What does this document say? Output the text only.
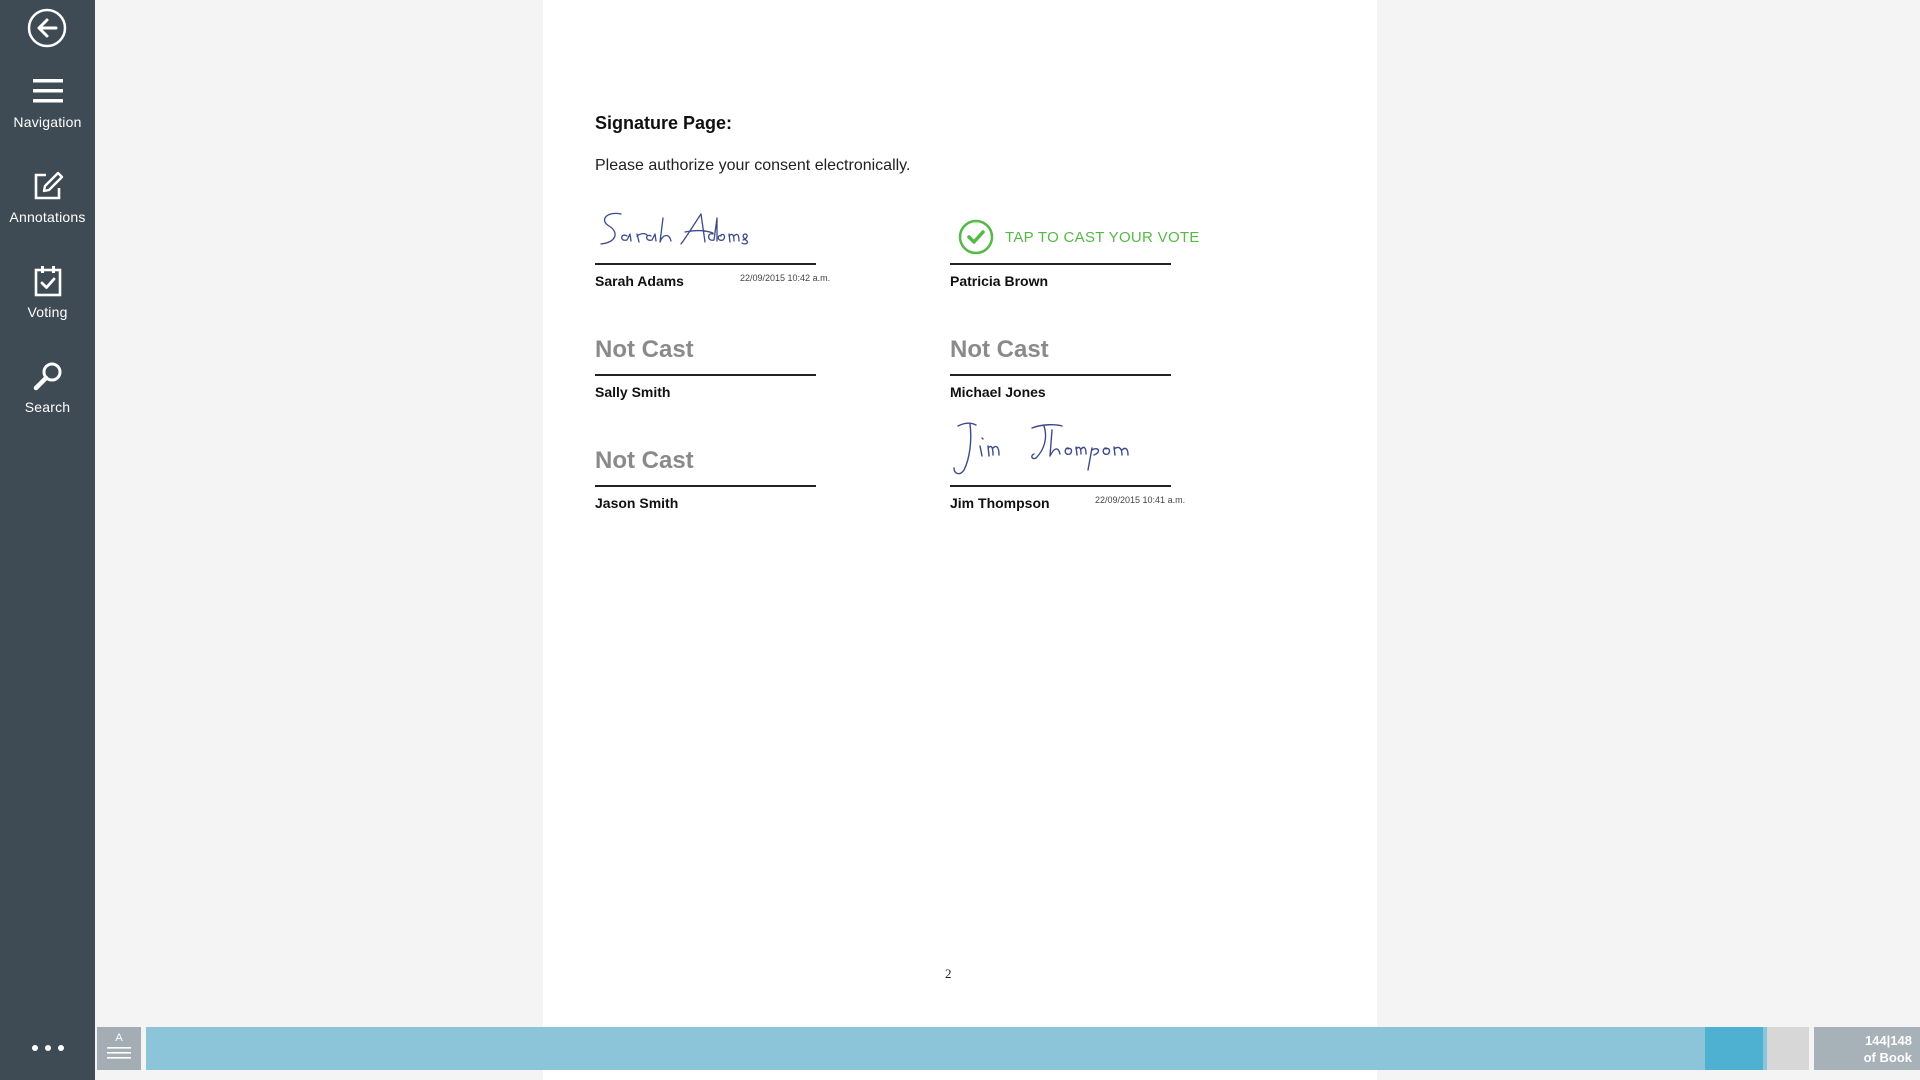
Navigation
Annotations
Voting
Search
Signature Page:
Please authorize your consent electronically.
Sarah Adams	22/09/2015 10:42 a.m.
TAP TO CAST YOUR VOTE
Patricia Brown
Not Cast
Sally Smith
Not Cast
Michael Jones
Not Cast
Jason Smith	Jim Thompson	22/09/2015 10:41 a.m.
2
A	144|148
of Book
